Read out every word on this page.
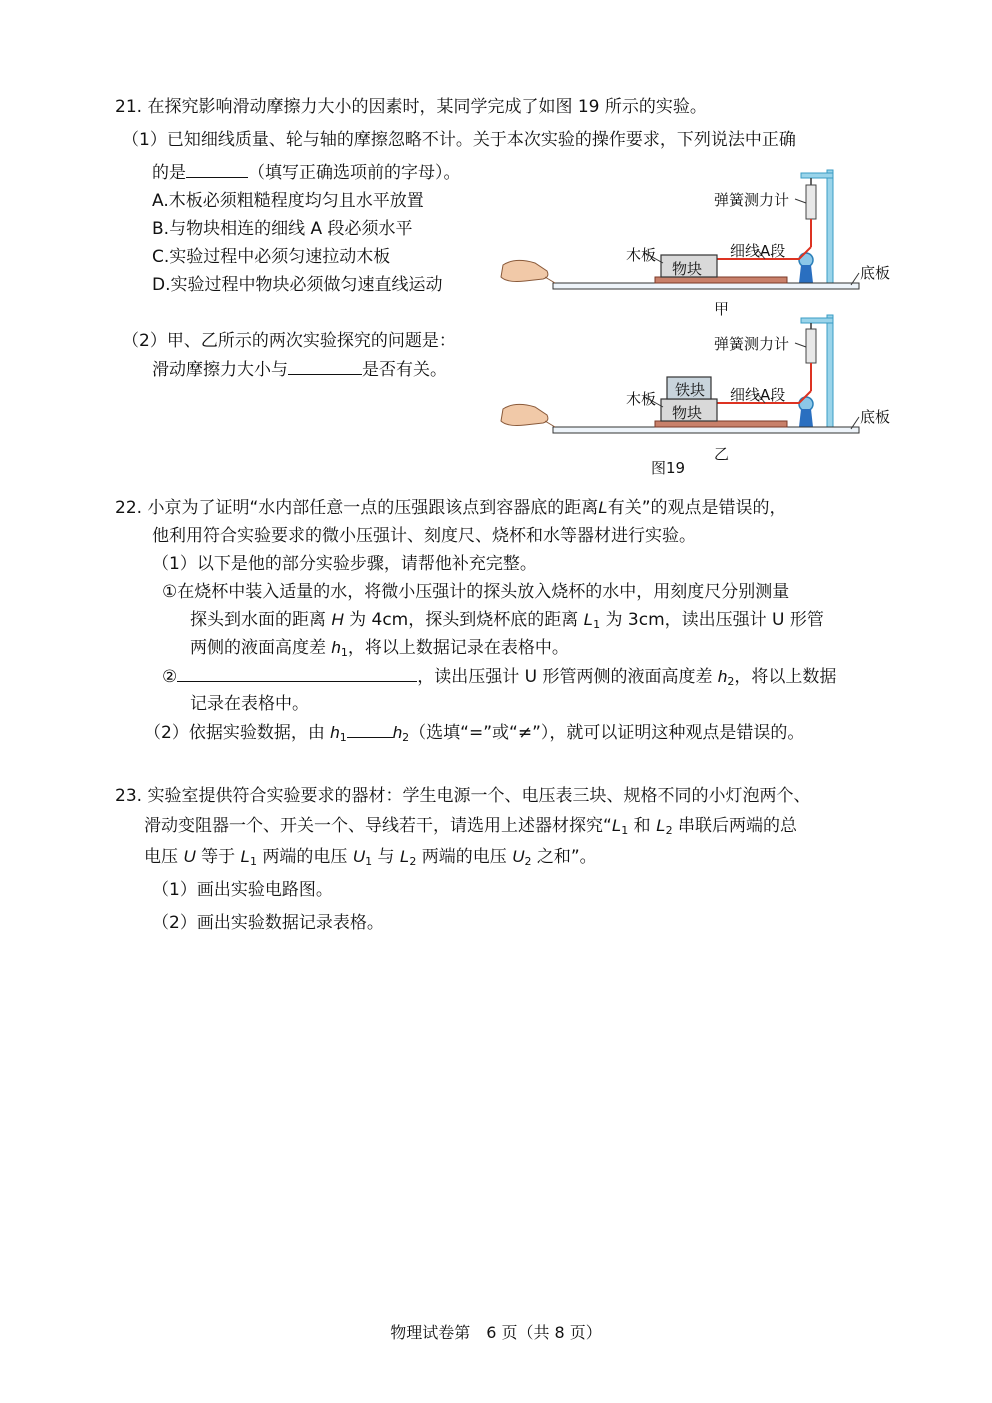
21. 在探究影响滑动摩擦力大小的因素时，某同学完成了如图 19 所示的实验。
（1）已知细线质量、轮与轴的摩擦忽略不计。关于本次实验的操作要求，下列说法中正确
的是	（填写正确选项前的字母）。
A.木板必须粗糙程度均匀且水平放置
B.与物块相连的细线 A 段必须水平
C.实验过程中必须匀速拉动木板
D.实验过程中物块必须做匀速直线运动
（2）甲、乙所示的两次实验探究的问题是：
滑动摩擦力大小与	是否有关。
弹簧测力计
木板
物块
细线A段
底板
甲
弹簧测力计
木板 铁块
物块
细线A段
底板
乙
图19
22. 小京为了证明“水内部任意一点的压强跟该点到容器底的距离L有关”的观点是错误的，
他利用符合实验要求的微小压强计、刻度尺、烧杯和水等器材进行实验。
（1）以下是他的部分实验步骤，请帮他补充完整。
①在烧杯中装入适量的水，将微小压强计的探头放入烧杯的水中，用刻度尺分别测量
探头到水面的距离 H 为 4cm，探头到烧杯底的距离 $L_1$ 为 3cm，读出压强计 U 形管
两侧的液面高度差 $h_1$，将以上数据记录在表格中。
②	，读出压强计 U 形管两侧的液面高度差 $h_2$，将以上数据
记录在表格中。
（2）依据实验数据，由 $h_1$	$h_2$（选填“=”或“≠”），就可以证明这种观点是错误的。
23. 实验室提供符合实验要求的器材：学生电源一个、电压表三块、规格不同的小灯泡两个、
滑动变阻器一个、开关一个、导线若干，请选用上述器材探究“$L_1$ 和 $L_2$ 串联后两端的总
电压 U 等于 $L_1$ 两端的电压 $U_1$ 与 $L_2$ 两端的电压 $U_2$ 之和”。
（1）画出实验电路图。
（2）画出实验数据记录表格。
物理试卷第　6 页（共 8 页）
